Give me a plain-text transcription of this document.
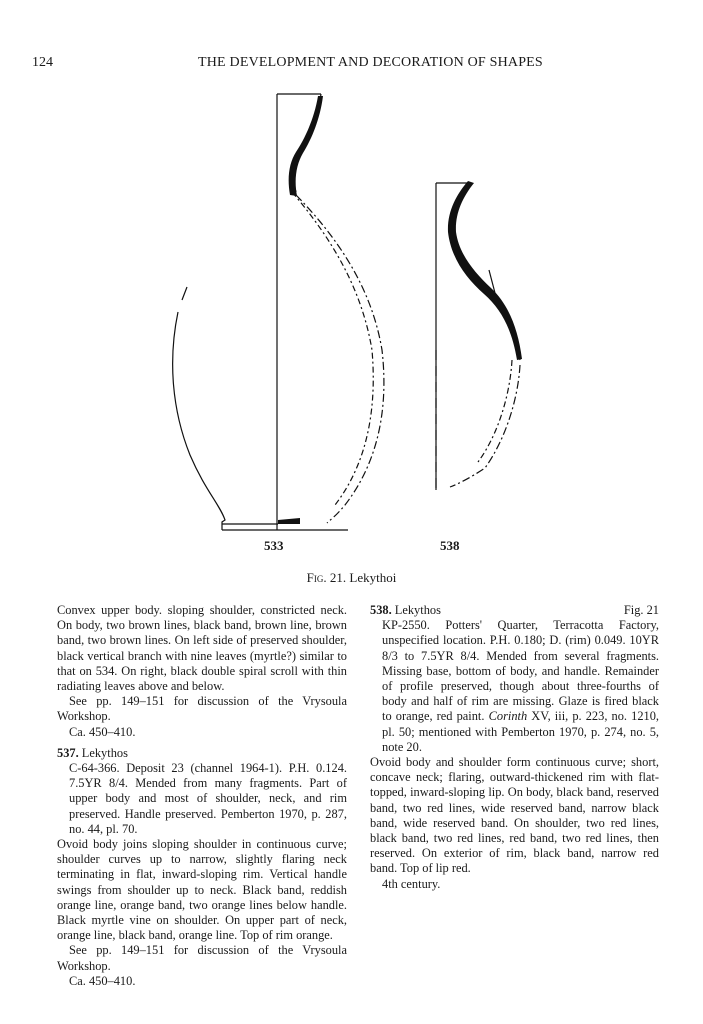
124	THE DEVELOPMENT AND DECORATION OF SHAPES
533	538
Fig. 21. Lekythoi

Convex upper body. sloping shoulder, constricted neck. On body, two brown lines, black band, brown line, brown band, two brown lines. On left side of preserved shoulder, black vertical branch with nine leaves (myrtle?) similar to that on 534. On right, black double spiral scroll with thin radiating leaves above and below.

See pp. 149–151 for discussion of the Vrysoula Workshop.

Ca. 450–410.

537. Lekythos

C-64-366. Deposit 23 (channel 1964-1). P.H. 0.124. 7.5YR 8/4. Mended from many fragments. Part of upper body and most of shoulder, neck, and rim preserved. Handle preserved. Pemberton 1970, p. 287, no. 44, pl. 70.

Ovoid body joins sloping shoulder in continuous curve; shoulder curves up to narrow, slightly flaring neck terminating in flat, inward-sloping rim. Vertical handle swings from shoulder up to neck. Black band, reddish orange line, orange band, two orange lines below handle. Black myrtle vine on shoulder. On upper part of neck, orange line, black band, orange line. Top of rim orange.

See pp. 149–151 for discussion of the Vrysoula Workshop.

Ca. 450–410.

538. Lekythos	Fig. 21

KP-2550. Potters' Quarter, Terracotta Factory, unspecified location. P.H. 0.180; D. (rim) 0.049. 10YR 8/3 to 7.5YR 8/4. Mended from several fragments. Missing base, bottom of body, and handle. Remainder of profile preserved, though about three-fourths of body and half of rim are missing. Glaze is fired black to orange, red paint. Corinth XV, iii, p. 223, no. 1210, pl. 50; mentioned with Pemberton 1970, p. 274, no. 5, note 20.

Ovoid body and shoulder form continuous curve; short, concave neck; flaring, outward-thickened rim with flat-topped, inward-sloping lip. On body, black band, reserved band, two red lines, wide reserved band, narrow black band, wide reserved band. On shoulder, two red lines, black band, two red lines, red band, two red lines, then reserved. On exterior of rim, black band, narrow red band. Top of lip red.

4th century.
